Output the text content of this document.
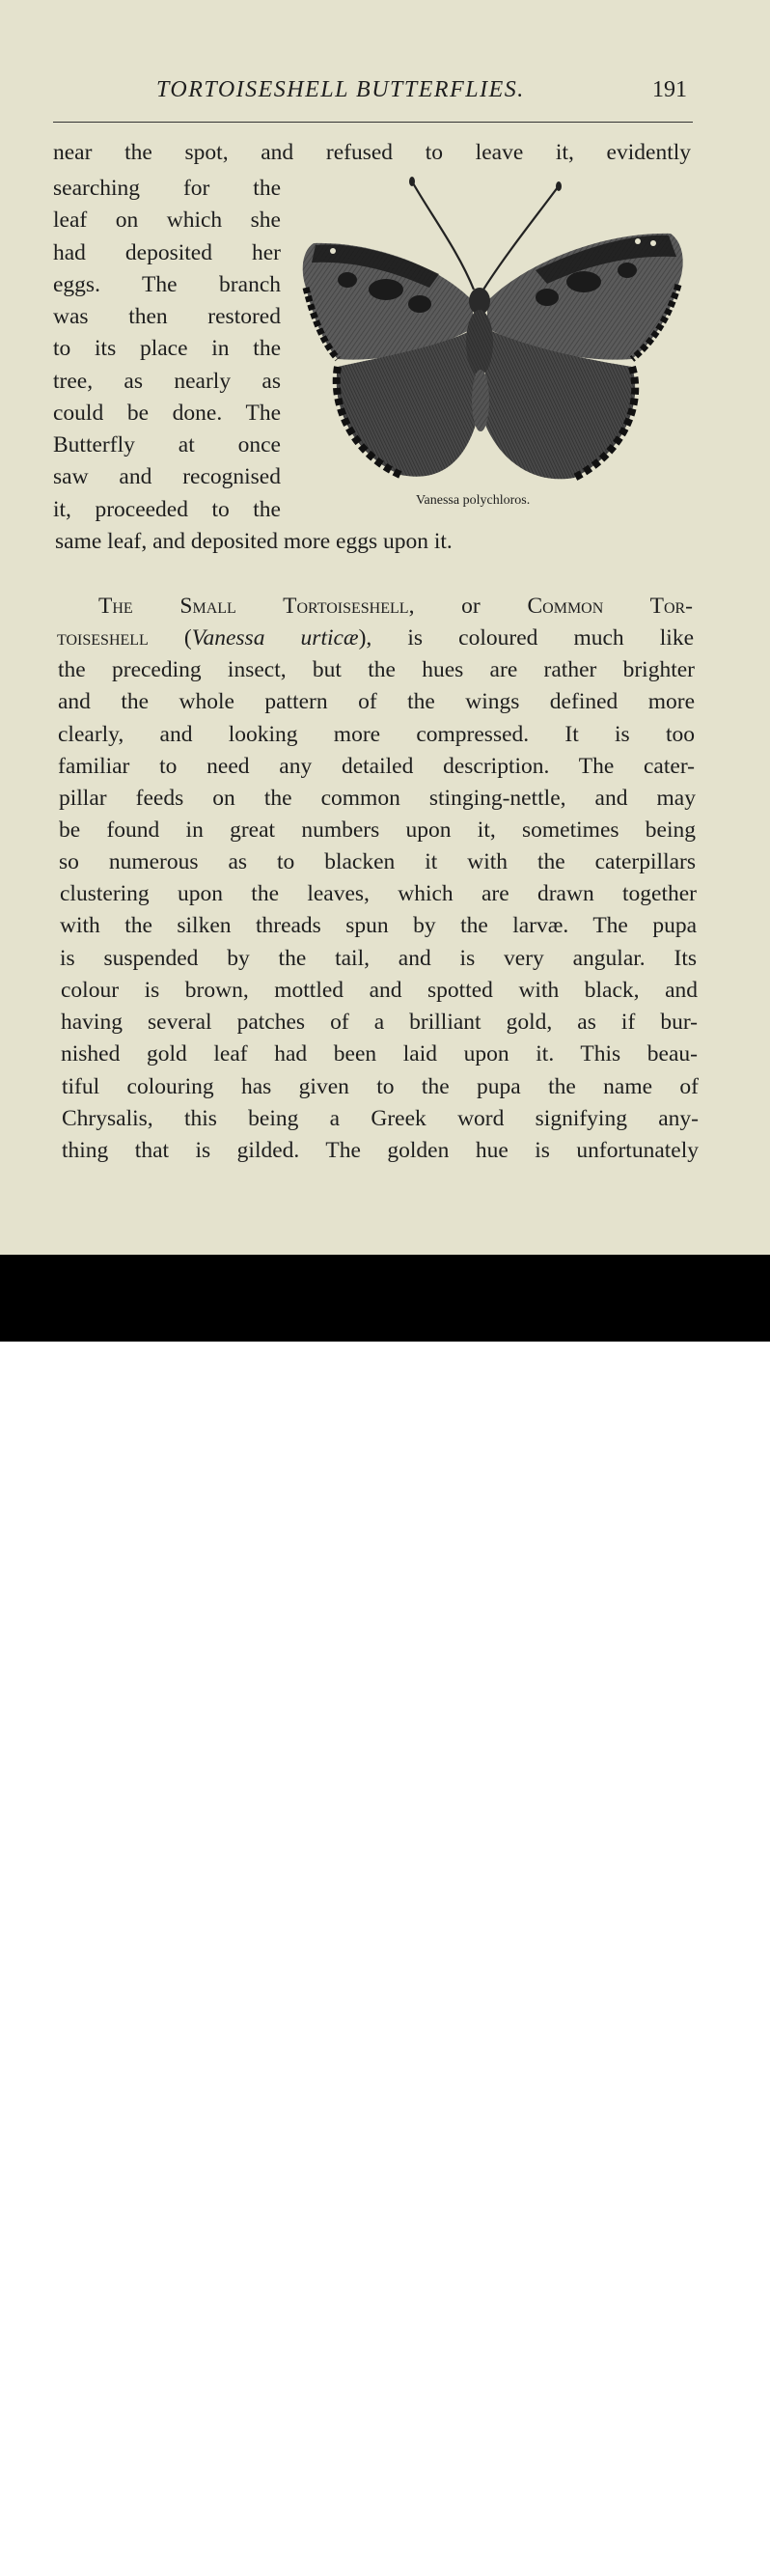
TORTOISESHELL BUTTERFLIES.	191
near the spot, and refused to leave it, evidently
searching for the
leaf on which she
had deposited her
eggs. The branch
was then restored
to its place in the
tree, as nearly as
could be done. The
Butterfly at once
saw and recognised
it, proceeded to the
same leaf, and deposited more eggs upon it.
Vanessa polychloros.
The Small Tortoiseshell, or Common Tor-
toiseshell (Vanessa urticæ), is coloured much like
the preceding insect, but the hues are rather brighter
and the whole pattern of the wings defined more
clearly, and looking more compressed. It is too
familiar to need any detailed description. The cater-
pillar feeds on the common stinging-nettle, and may
be found in great numbers upon it, sometimes being
so numerous as to blacken it with the caterpillars
clustering upon the leaves, which are drawn together
with the silken threads spun by the larvæ. The pupa
is suspended by the tail, and is very angular. Its
colour is brown, mottled and spotted with black, and
having several patches of a brilliant gold, as if bur-
nished gold leaf had been laid upon it. This beau-
tiful colouring has given to the pupa the name of
Chrysalis, this being a Greek word signifying any-
thing that is gilded. The golden hue is unfortunately
alamy	W452BA
www.alamy.com
